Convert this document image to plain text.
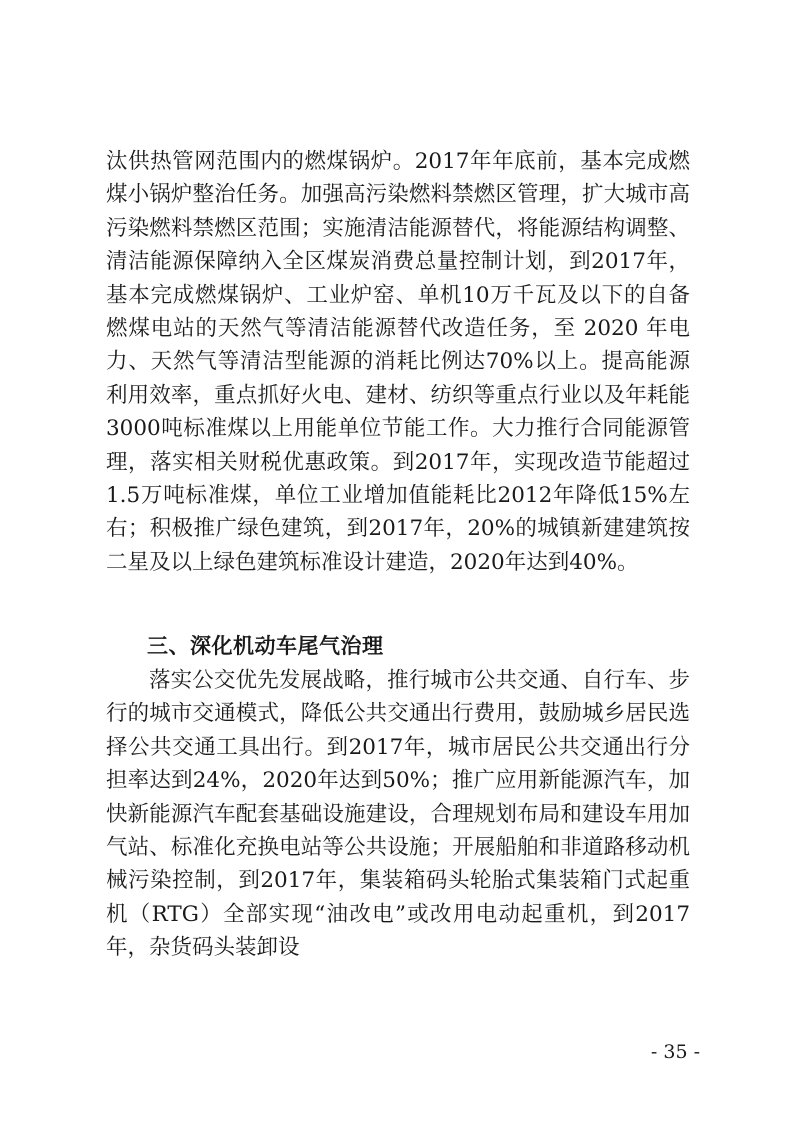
汰供热管网范围内的燃煤锅炉。2017年年底前，基本完成燃煤小锅炉整治任务。加强高污染燃料禁燃区管理，扩大城市高污染燃料禁燃区范围；实施清洁能源替代，将能源结构调整、清洁能源保障纳入全区煤炭消费总量控制计划，到2017年，基本完成燃煤锅炉、工业炉窑、单机10万千瓦及以下的自备燃煤电站的天然气等清洁能源替代改造任务，至 2020 年电力、天然气等清洁型能源的消耗比例达70%以上。提高能源利用效率，重点抓好火电、建材、纺织等重点行业以及年耗能3000吨标准煤以上用能单位节能工作。大力推行合同能源管理，落实相关财税优惠政策。到2017年，实现改造节能超过1.5万吨标准煤，单位工业增加值能耗比2012年降低15%左右；积极推广绿色建筑，到2017年，20%的城镇新建建筑按二星及以上绿色建筑标准设计建造，2020年达到40%。

三、深化机动车尾气治理

落实公交优先发展战略，推行城市公共交通、自行车、步行的城市交通模式，降低公共交通出行费用，鼓励城乡居民选择公共交通工具出行。到2017年，城市居民公共交通出行分担率达到24%，2020年达到50%；推广应用新能源汽车，加快新能源汽车配套基础设施建设，合理规划布局和建设车用加气站、标准化充换电站等公共设施；开展船舶和非道路移动机械污染控制，到2017年，集装箱码头轮胎式集装箱门式起重机（RTG）全部实现“油改电”或改用电动起重机，到2017年，杂货码头装卸设

- 35 -
